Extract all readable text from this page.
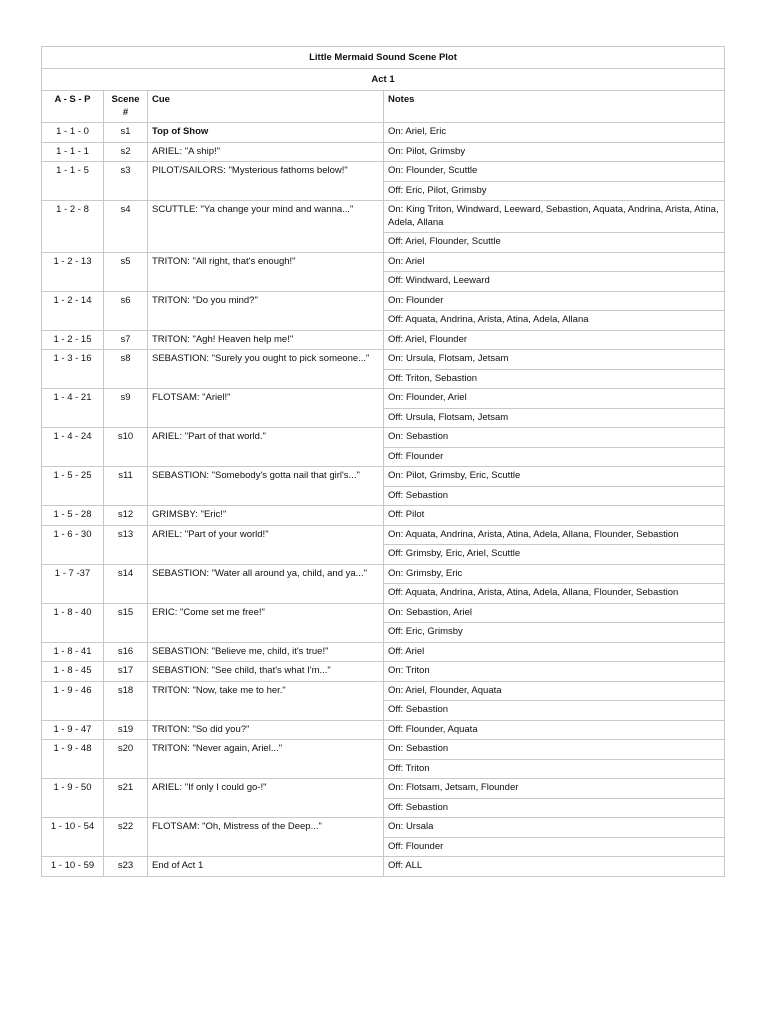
Little Mermaid Sound Scene Plot			
Act 1			
A - S - P	Scene #	Cue	Notes
1 - 1 - 0	s1	Top of Show	On: Ariel, Eric
1 - 1 - 1	s2	ARIEL: "A ship!"	On: Pilot, Grimsby
1 - 1 - 5	s3	PILOT/SAILORS: "Mysterious fathoms below!"	On: Flounder, Scuttle
			Off: Eric, Pilot, Grimsby
1 - 2 - 8	s4	SCUTTLE: "Ya change your mind and wanna..."	On: King Triton, Windward, Leeward, Sebastion, Aquata, Andrina, Arista, Atina, Adela, Allana
			Off: Ariel, Flounder, Scuttle
1 - 2 - 13	s5	TRITON: "All right, that's enough!"	On: Ariel
			Off: Windward, Leeward
1 - 2 - 14	s6	TRITON: "Do you mind?"	On: Flounder
			Off: Aquata, Andrina, Arista, Atina, Adela, Allana
1 - 2 - 15	s7	TRITON: "Agh! Heaven help me!"	Off: Ariel, Flounder
1 - 3 - 16	s8	SEBASTION: "Surely you ought to pick someone..."	On: Ursula, Flotsam, Jetsam
			Off: Triton, Sebastion
1 - 4 - 21	s9	FLOTSAM: "Ariel!"	On: Flounder, Ariel
			Off: Ursula, Flotsam, Jetsam
1 - 4 - 24	s10	ARIEL: "Part of that world."	On: Sebastion
			Off: Flounder
1 - 5 - 25	s11	SEBASTION: "Somebody's gotta nail that girl's..."	On: Pilot, Grimsby, Eric, Scuttle
			Off: Sebastion
1 - 5 - 28	s12	GRIMSBY: "Eric!"	Off: Pilot
1 - 6 - 30	s13	ARIEL: "Part of your world!"	On: Aquata, Andrina, Arista, Atina, Adela, Allana, Flounder, Sebastion
			Off: Grimsby, Eric, Ariel, Scuttle
1 - 7 -37	s14	SEBASTION: "Water all around ya, child, and ya..."	On: Grimsby, Eric
			Off: Aquata, Andrina, Arista, Atina, Adela, Allana, Flounder, Sebastion
1 - 8 - 40	s15	ERIC: "Come set me free!"	On: Sebastion, Ariel
			Off: Eric, Grimsby
1 - 8 - 41	s16	SEBASTION: "Believe me, child, it's true!"	Off: Ariel
1 - 8 - 45	s17	SEBASTION: "See child, that's what I'm..."	On: Triton
1 - 9 - 46	s18	TRITON: "Now, take me to her."	On: Ariel, Flounder, Aquata
			Off: Sebastion
1 - 9 - 47	s19	TRITON: "So did you?"	Off: Flounder, Aquata
1 - 9 - 48	s20	TRITON: "Never again, Ariel..."	On: Sebastion
			Off: Triton
1 - 9 - 50	s21	ARIEL: "If only I could go-!"	On: Flotsam, Jetsam, Flounder
			Off: Sebastion
1 - 10 - 54	s22	FLOTSAM: "Oh, Mistress of the Deep..."	On: Ursala
			Off: Flounder
1 - 10 - 59	s23	End of Act 1	Off: ALL
